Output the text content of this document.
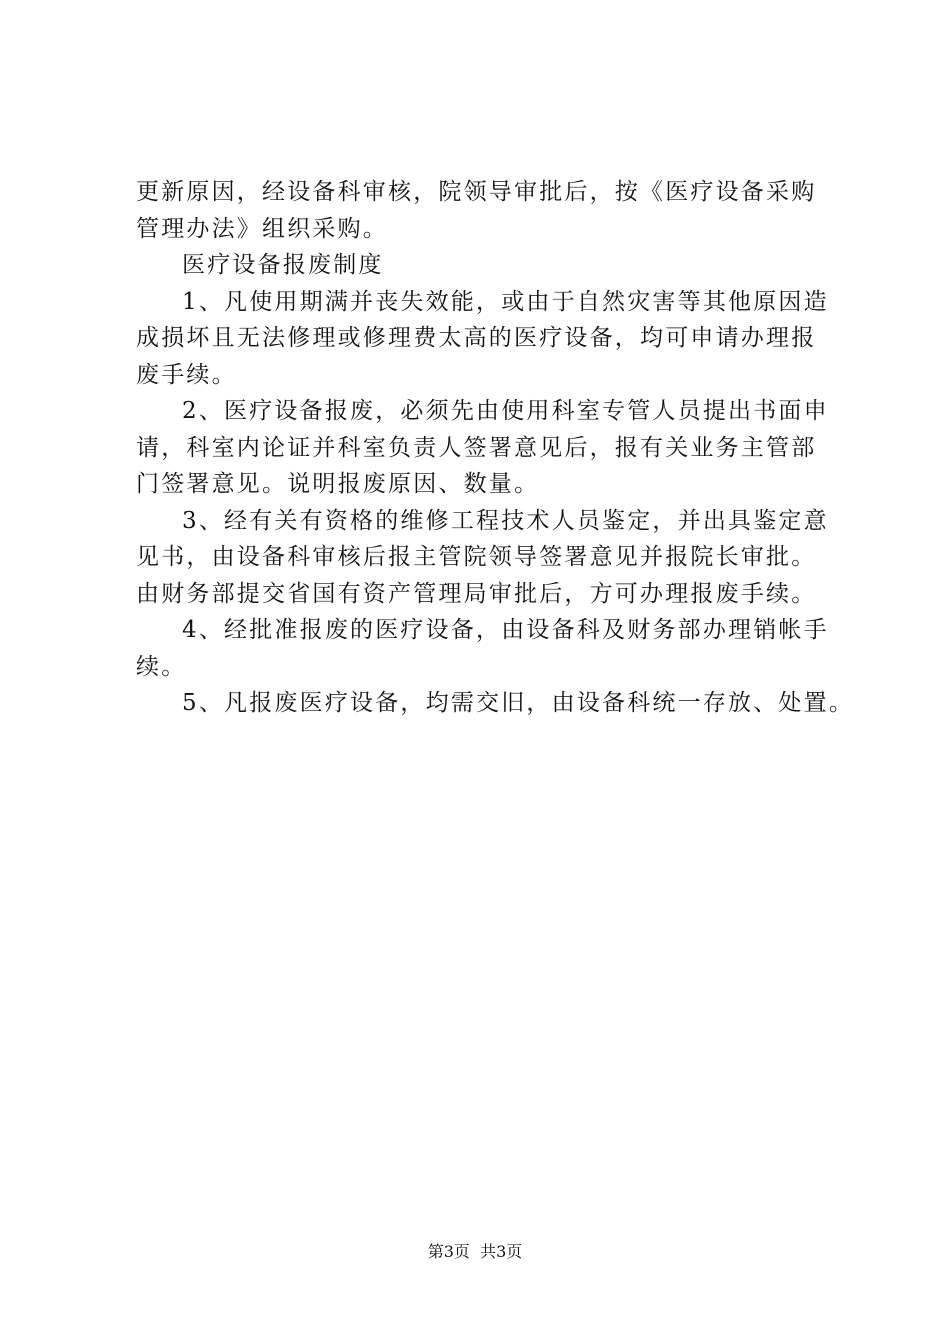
更新原因，经设备科审核，院领导审批后，按《医疗设备采购
管理办法》组织采购。
医疗设备报废制度
1、凡使用期满并丧失效能，或由于自然灾害等其他原因造
成损坏且无法修理或修理费太高的医疗设备，均可申请办理报
废手续。
2、医疗设备报废，必须先由使用科室专管人员提出书面申
请，科室内论证并科室负责人签署意见后，报有关业务主管部
门签署意见。说明报废原因、数量。
3、经有关有资格的维修工程技术人员鉴定，并出具鉴定意
见书，由设备科审核后报主管院领导签署意见并报院长审批。
由财务部提交省国有资产管理局审批后，方可办理报废手续。
4、经批准报废的医疗设备，由设备科及财务部办理销帐手
续。
5、凡报废医疗设备，均需交旧，由设备科统一存放、处置。
第3页  共3页
